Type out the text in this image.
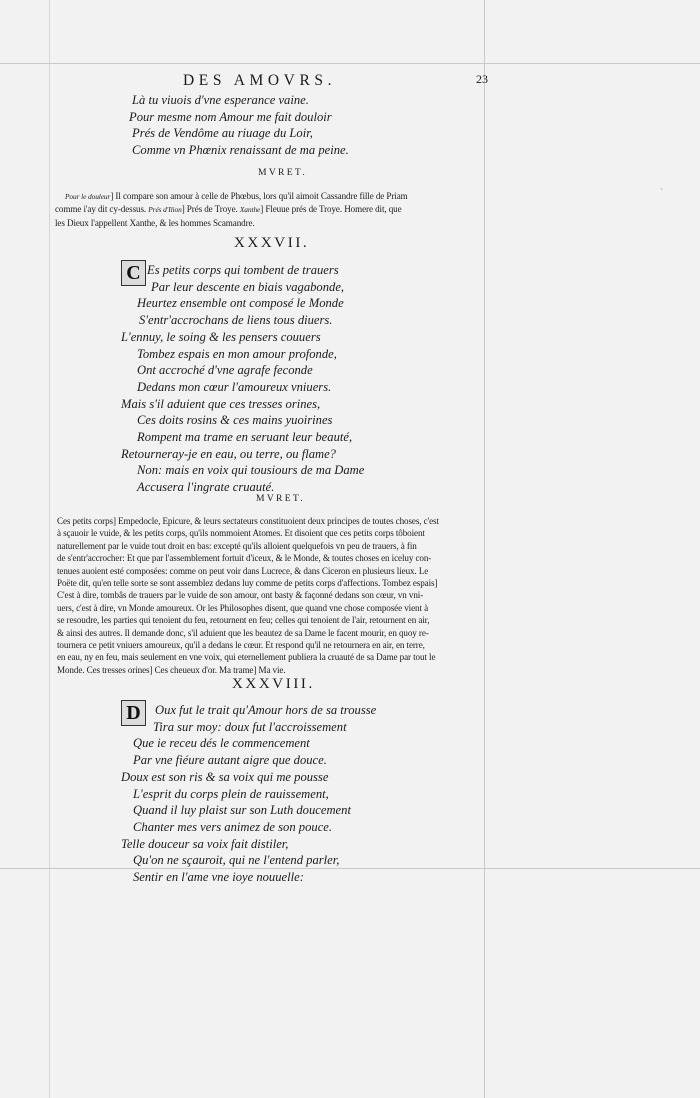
ˋ
DES AMOVRS.	23
Là tu viuois d'vne esperance vaine.
Pour mesme nom Amour me fait douloir
Prés de Vendôme au riuage du Loir,
Comme vn Phœnix renaissant de ma peine.
MVRET.
Pour le douleur] Il compare son amour à celle de Phœbus, lors qu'il aimoit Cassandre fille de Priam
comme i'ay dit cy-dessus. Prés d'Ilion] Prés de Troye. Xanthe] Fleuue prés de Troye. Homere dit, que
les Dieux l'appellent Xanthe, & les hommes Scamandre.
XXXVII.
C Es petits corps qui tombent de trauers
Par leur descente en biais vagabonde,
Heurtez ensemble ont composé le Monde
S'entr'accrochans de liens tous diuers.
L'ennuy, le soing & les pensers couuers
Tombez espais en mon amour profonde,
Ont accroché d'vne agrafe feconde
Dedans mon cœur l'amoureux vniuers.
Mais s'il aduient que ces tresses orines,
Ces doits rosins & ces mains yuoirines
Rompent ma trame en seruant leur beauté,
Retourneray-je en eau, ou terre, ou flame?
Non: mais en voix qui tousiours de ma Dame
Accusera l'ingrate cruauté.
MVRET.
Ces petits corps] Empedocle, Epicure, & leurs sectateurs constituoient deux principes de toutes choses, c'est
à sçauoir le vuide, & les petits corps, qu'ils nommoient Atomes. Et disoient que ces petits corps tôboient
naturellement par le vuide tout droit en bas: excepté qu'ils alloient quelquefois vn peu de trauers, à fin
de s'entr'accrocher: Et que par l'assemblement fortuit d'iceux, & le Monde, & toutes choses en iceluy con-
tenues auoient esté composées: comme on peut voir dans Lucrece, & dans Ciceron en plusieurs lieux. Le
Poëte dit, qu'en telle sorte se sont assemblez dedans luy comme de petits corps d'affections. Tombez espais]
C'est à dire, tombâs de trauers par le vuide de son amour, ont basty & façonné dedans son cœur, vn vni-
uers, c'est à dire, vn Monde amoureux. Or les Philosophes disent, que quand vne chose composée vient à
se resoudre, les parties qui tenoient du feu, retournent en feu; celles qui tenoient de l'air, retournent en air,
& ainsi des autres. Il demande donc, s'il aduient que les beautez de sa Dame le facent mourir, en quoy re-
tournera ce petit vniuers amoureux, qu'il a dedans le cœur. Et respond qu'il ne retournera en air, en terre,
en eau, ny en feu, mais seulement en vne voix, qui eternellement publiera la cruauté de sa Dame par tout le
Monde. Ces tresses orines] Ces cheueux d'or. Ma trame] Ma vie.
XXXVIII.
D	Oux fut le trait qu'Amour hors de sa trousse
Tira sur moy: doux fut l'accroissement
Que ie receu dés le commencement
Par vne fiéure autant aigre que douce.
Doux est son ris & sa voix qui me pousse
L'esprit du corps plein de rauissement,
Quand il luy plaist sur son Luth doucement
Chanter mes vers animez de son pouce.
Telle douceur sa voix fait distiler,
Qu'on ne sçauroit, qui ne l'entend parler,
Sentir en l'ame vne ioye nouuelle:
